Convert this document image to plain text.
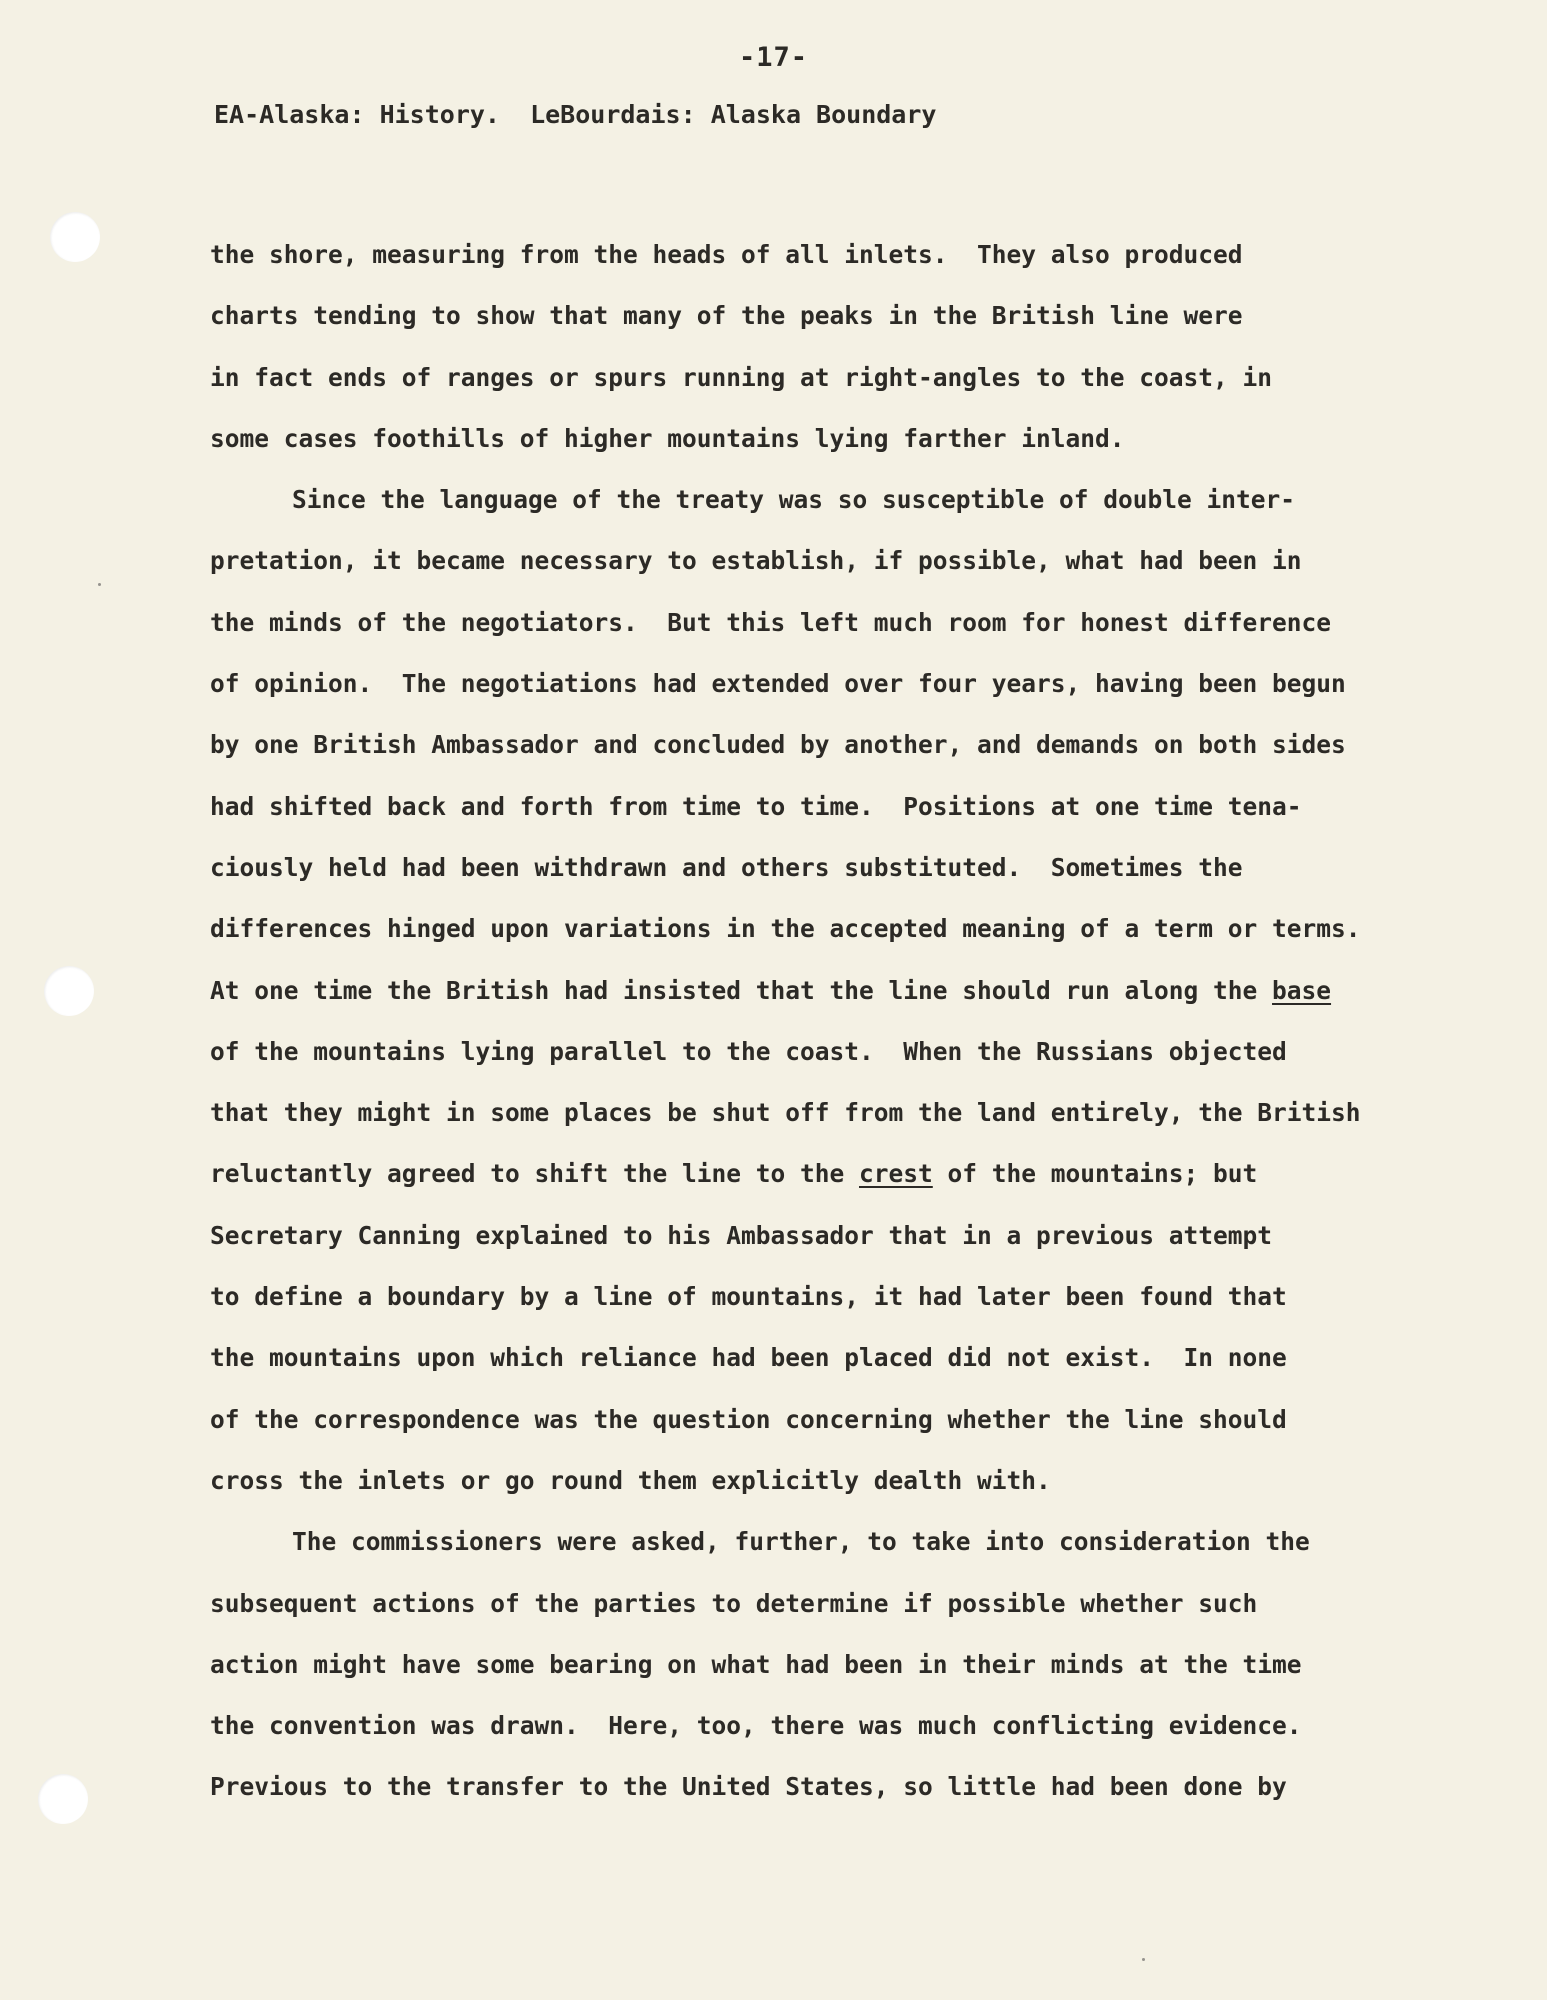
-17-
EA-Alaska: History.  LeBourdais: Alaska Boundary
the shore, measuring from the heads of all inlets.  They also produced
charts tending to show that many of the peaks in the British line were
in fact ends of ranges or spurs running at right-angles to the coast, in
some cases foothills of higher mountains lying farther inland.
Since the language of the treaty was so susceptible of double inter-
pretation, it became necessary to establish, if possible, what had been in
the minds of the negotiators.  But this left much room for honest difference
of opinion.  The negotiations had extended over four years, having been begun
by one British Ambassador and concluded by another, and demands on both sides
had shifted back and forth from time to time.  Positions at one time tena-
ciously held had been withdrawn and others substituted.  Sometimes the
differences hinged upon variations in the accepted meaning of a term or terms.
At one time the British had insisted that the line should run along the base
of the mountains lying parallel to the coast.  When the Russians objected
that they might in some places be shut off from the land entirely, the British
reluctantly agreed to shift the line to the crest of the mountains; but
Secretary Canning explained to his Ambassador that in a previous attempt
to define a boundary by a line of mountains, it had later been found that
the mountains upon which reliance had been placed did not exist.  In none
of the correspondence was the question concerning whether the line should
cross the inlets or go round them explicitly dealth with.
The commissioners were asked, further, to take into consideration the
subsequent actions of the parties to determine if possible whether such
action might have some bearing on what had been in their minds at the time
the convention was drawn.  Here, too, there was much conflicting evidence.
Previous to the transfer to the United States, so little had been done by
